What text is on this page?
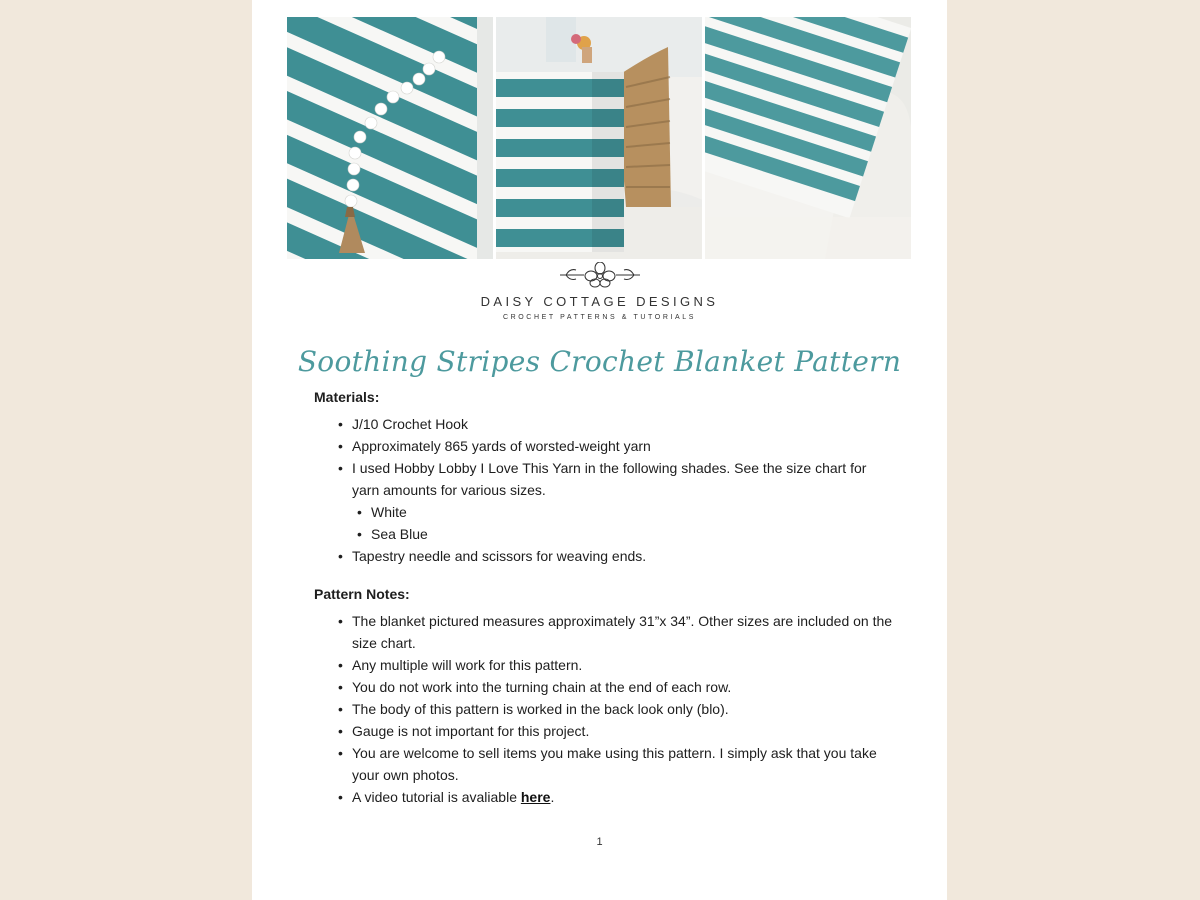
DAISY COTTAGE DESIGNS
CROCHET PATTERNS & TUTORIALS
Soothing Stripes Crochet Blanket Pattern

Materials:

• J/10 Crochet Hook
• Approximately 865 yards of worsted-weight yarn
• I used Hobby Lobby I Love This Yarn in the following shades. See the size chart for yarn amounts for various sizes.
• White
• Sea Blue
• Tapestry needle and scissors for weaving ends.

Pattern Notes:

• The blanket pictured measures approximately 31”x 34”. Other sizes are included on the size chart.
• Any multiple will work for this pattern.
• You do not work into the turning chain at the end of each row.
• The body of this pattern is worked in the back look only (blo).
• Gauge is not important for this project.
• You are welcome to sell items you make using this pattern. I simply ask that you take your own photos.
• A video tutorial is avaliable here.
1
